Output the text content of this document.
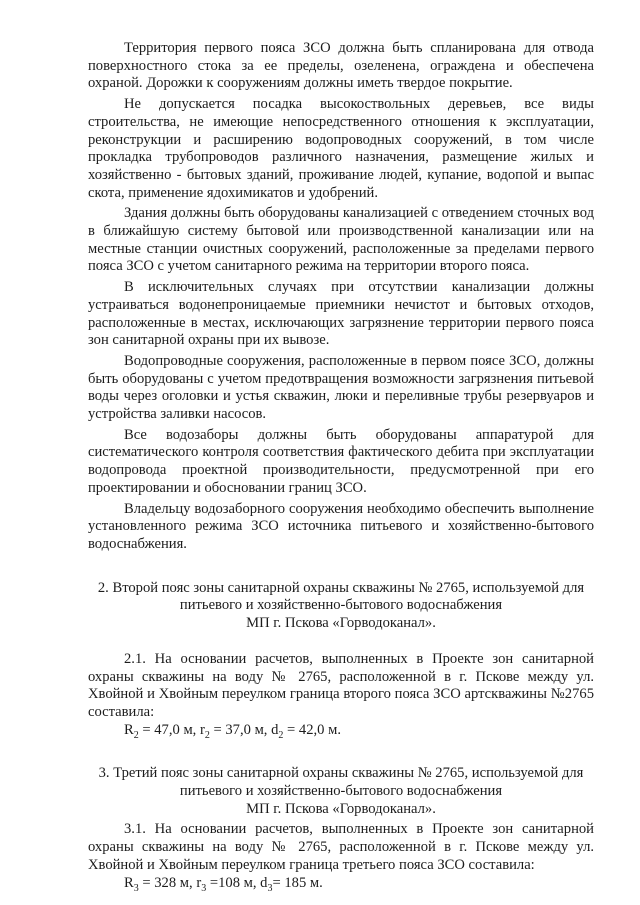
Территория первого пояса ЗСО должна быть спланирована для отвода поверхностного стока за ее пределы, озеленена, ограждена и обеспечена охраной. Дорожки к сооружениям должны иметь твердое покрытие.

Не допускается посадка высокоствольных деревьев, все виды строительства, не имеющие непосредственного отношения к эксплуатации, реконструкции и расширению водопроводных сооружений, в том числе прокладка трубопроводов различного назначения, размещение жилых и хозяйственно - бытовых зданий, проживание людей, купание, водопой и выпас скота, применение ядохимикатов и удобрений.

Здания должны быть оборудованы канализацией с отведением сточных вод в ближайшую систему бытовой или производственной канализации или на местные станции очистных сооружений, расположенные за пределами первого пояса ЗСО с учетом санитарного режима на территории второго пояса.

В исключительных случаях при отсутствии канализации должны устраиваться водонепроницаемые приемники нечистот и бытовых отходов, расположенные в местах, исключающих загрязнение территории первого пояса зон санитарной охраны при их вывозе.

Водопроводные сооружения, расположенные в первом поясе ЗСО, должны быть оборудованы с учетом предотвращения возможности загрязнения питьевой воды через оголовки и устья скважин, люки и переливные трубы резервуаров и устройства заливки насосов.

Все водозаборы должны быть оборудованы аппаратурой для систематического контроля соответствия фактического дебита при эксплуатации водопровода проектной производительности, предусмотренной при его проектировании и обосновании границ ЗСО.

Владельцу водозаборного сооружения необходимо обеспечить выполнение установленного режима ЗСО источника питьевого и хозяйственно-бытового водоснабжения.

2. Второй пояс зоны санитарной охраны скважины № 2765, используемой для
питьевого и хозяйственно-бытового водоснабжения
МП г. Пскова «Горводоканал».

2.1. На основании расчетов, выполненных в Проекте зон санитарной охраны скважины на воду № 2765, расположенной в г. Пскове между ул. Хвойной и Хвойным переулком граница второго пояса ЗСО артскважины №2765 составила:

$R_2 = 47,0$ м, $r_2 = 37,0$ м, $d_2 = 42,0$ м.

3. Третий пояс зоны санитарной охраны скважины № 2765, используемой для
питьевого и хозяйственно-бытового водоснабжения
МП г. Пскова «Горводоканал».

3.1. На основании расчетов, выполненных в Проекте зон санитарной охраны скважины на воду № 2765, расположенной в г. Пскове между ул. Хвойной и Хвойным переулком граница третьего пояса ЗСО составила:

$R_3 = 328$ м, $r_3 =108$ м, $d_3= 185$ м.
